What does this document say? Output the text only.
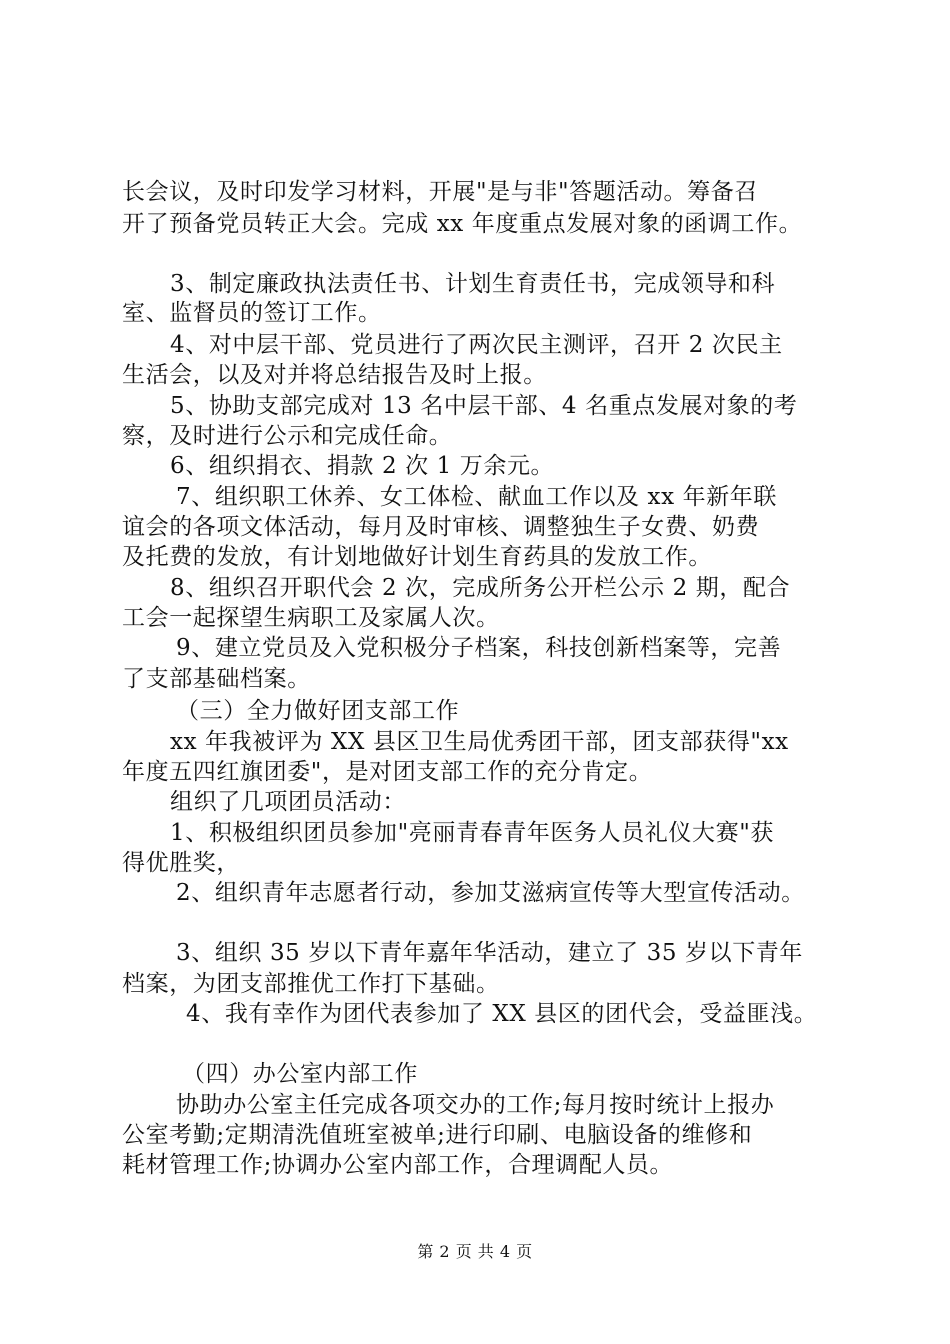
长会议，及时印发学习材料，开展"是与非"答题活动。筹备召
开了预备党员转正大会。完成 xx 年度重点发展对象的函调工作。
3、制定廉政执法责任书、计划生育责任书，完成领导和科
室、监督员的签订工作。
4、对中层干部、党员进行了两次民主测评，召开 2 次民主
生活会，以及对并将总结报告及时上报。
5、协助支部完成对 13 名中层干部、4 名重点发展对象的考
察，及时进行公示和完成任命。
6、组织捐衣、捐款 2 次 1 万余元。
7、组织职工休养、女工体检、献血工作以及 xx 年新年联
谊会的各项文体活动，每月及时审核、调整独生子女费、奶费
及托费的发放，有计划地做好计划生育药具的发放工作。
8、组织召开职代会 2 次，完成所务公开栏公示 2 期，配合
工会一起探望生病职工及家属人次。
9、建立党员及入党积极分子档案，科技创新档案等，完善
了支部基础档案。
（三）全力做好团支部工作
xx 年我被评为 XX 县区卫生局优秀团干部，团支部获得"xx
年度五四红旗团委"，是对团支部工作的充分肯定。
组织了几项团员活动：
1、积极组织团员参加"亮丽青春青年医务人员礼仪大赛"获
得优胜奖，
2、组织青年志愿者行动，参加艾滋病宣传等大型宣传活动。
3、组织 35 岁以下青年嘉年华活动，建立了 35 岁以下青年
档案，为团支部推优工作打下基础。
4、我有幸作为团代表参加了 XX 县区的团代会，受益匪浅。
（四）办公室内部工作
协助办公室主任完成各项交办的工作;每月按时统计上报办
公室考勤;定期清洗值班室被单;进行印刷、电脑设备的维修和
耗材管理工作;协调办公室内部工作，合理调配人员。
第 2 页 共 4 页
